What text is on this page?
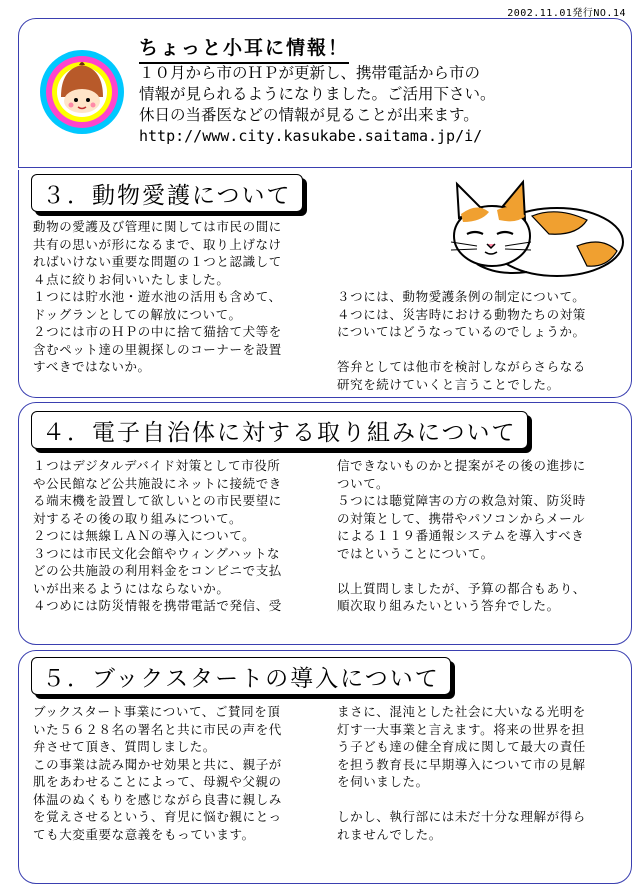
2002.11.01発行NO.14
ちょっと小耳に情報！
１０月から市のＨＰが更新し、携帯電話から市の
情報が見られるようになりました。ご活用下さい。
休日の当番医などの情報が見ることが出来ます。
http://www.city.kasukabe.saitama.jp/i/
３．動物愛護について

動物の愛護及び管理に関しては市民の間に

共有の思いが形になるまで、取り上げなけ

ればいけない重要な問題の１つと認識して

４点に絞りお伺いいたしました。

１つには貯水池・遊水池の活用も含めて、

ドッグランとしての解放について。

２つには市のＨＰの中に捨て猫捨て犬等を

含むペット達の里親探しのコーナーを設置

すべきではないか。

３つには、動物愛護条例の制定について。

４つには、災害時における動物たちの対策

についてはどうなっているのでしょうか。

答弁としては他市を検討しながらさらなる

研究を続けていくと言うことでした。

４．電子自治体に対する取り組みについて

１つはデジタルデバイド対策として市役所

や公民館など公共施設にネットに接続でき

る端末機を設置して欲しいとの市民要望に

対するその後の取り組みについて。

２つには無線ＬＡＮの導入について。

３つには市民文化会館やウィングハットな

どの公共施設の利用料金をコンビニで支払

いが出来るようにはならないか。

４つめには防災情報を携帯電話で発信、受

信できないものかと提案がその後の進捗に

ついて。

５つには聴覚障害の方の救急対策、防災時

の対策として、携帯やパソコンからメール

による１１９番通報システムを導入すべき

ではということについて。

以上質問しましたが、予算の都合もあり、

順次取り組みたいという答弁でした。

５．ブックスタートの導入について

ブックスタート事業について、ご賛同を頂

いた５６２８名の署名と共に市民の声を代

弁させて頂き、質問しました。

この事業は読み聞かせ効果と共に、親子が

肌をあわせることによって、母親や父親の

体温のぬくもりを感じながら良書に親しみ

を覚えさせるという、育児に悩む親にとっ

ても大変重要な意義をもっています。

まさに、混沌とした社会に大いなる光明を

灯す一大事業と言えます。将来の世界を担

う子ども達の健全育成に関して最大の責任

を担う教育長に早期導入について市の見解

を伺いました。

しかし、執行部には未だ十分な理解が得ら

れませんでした。
